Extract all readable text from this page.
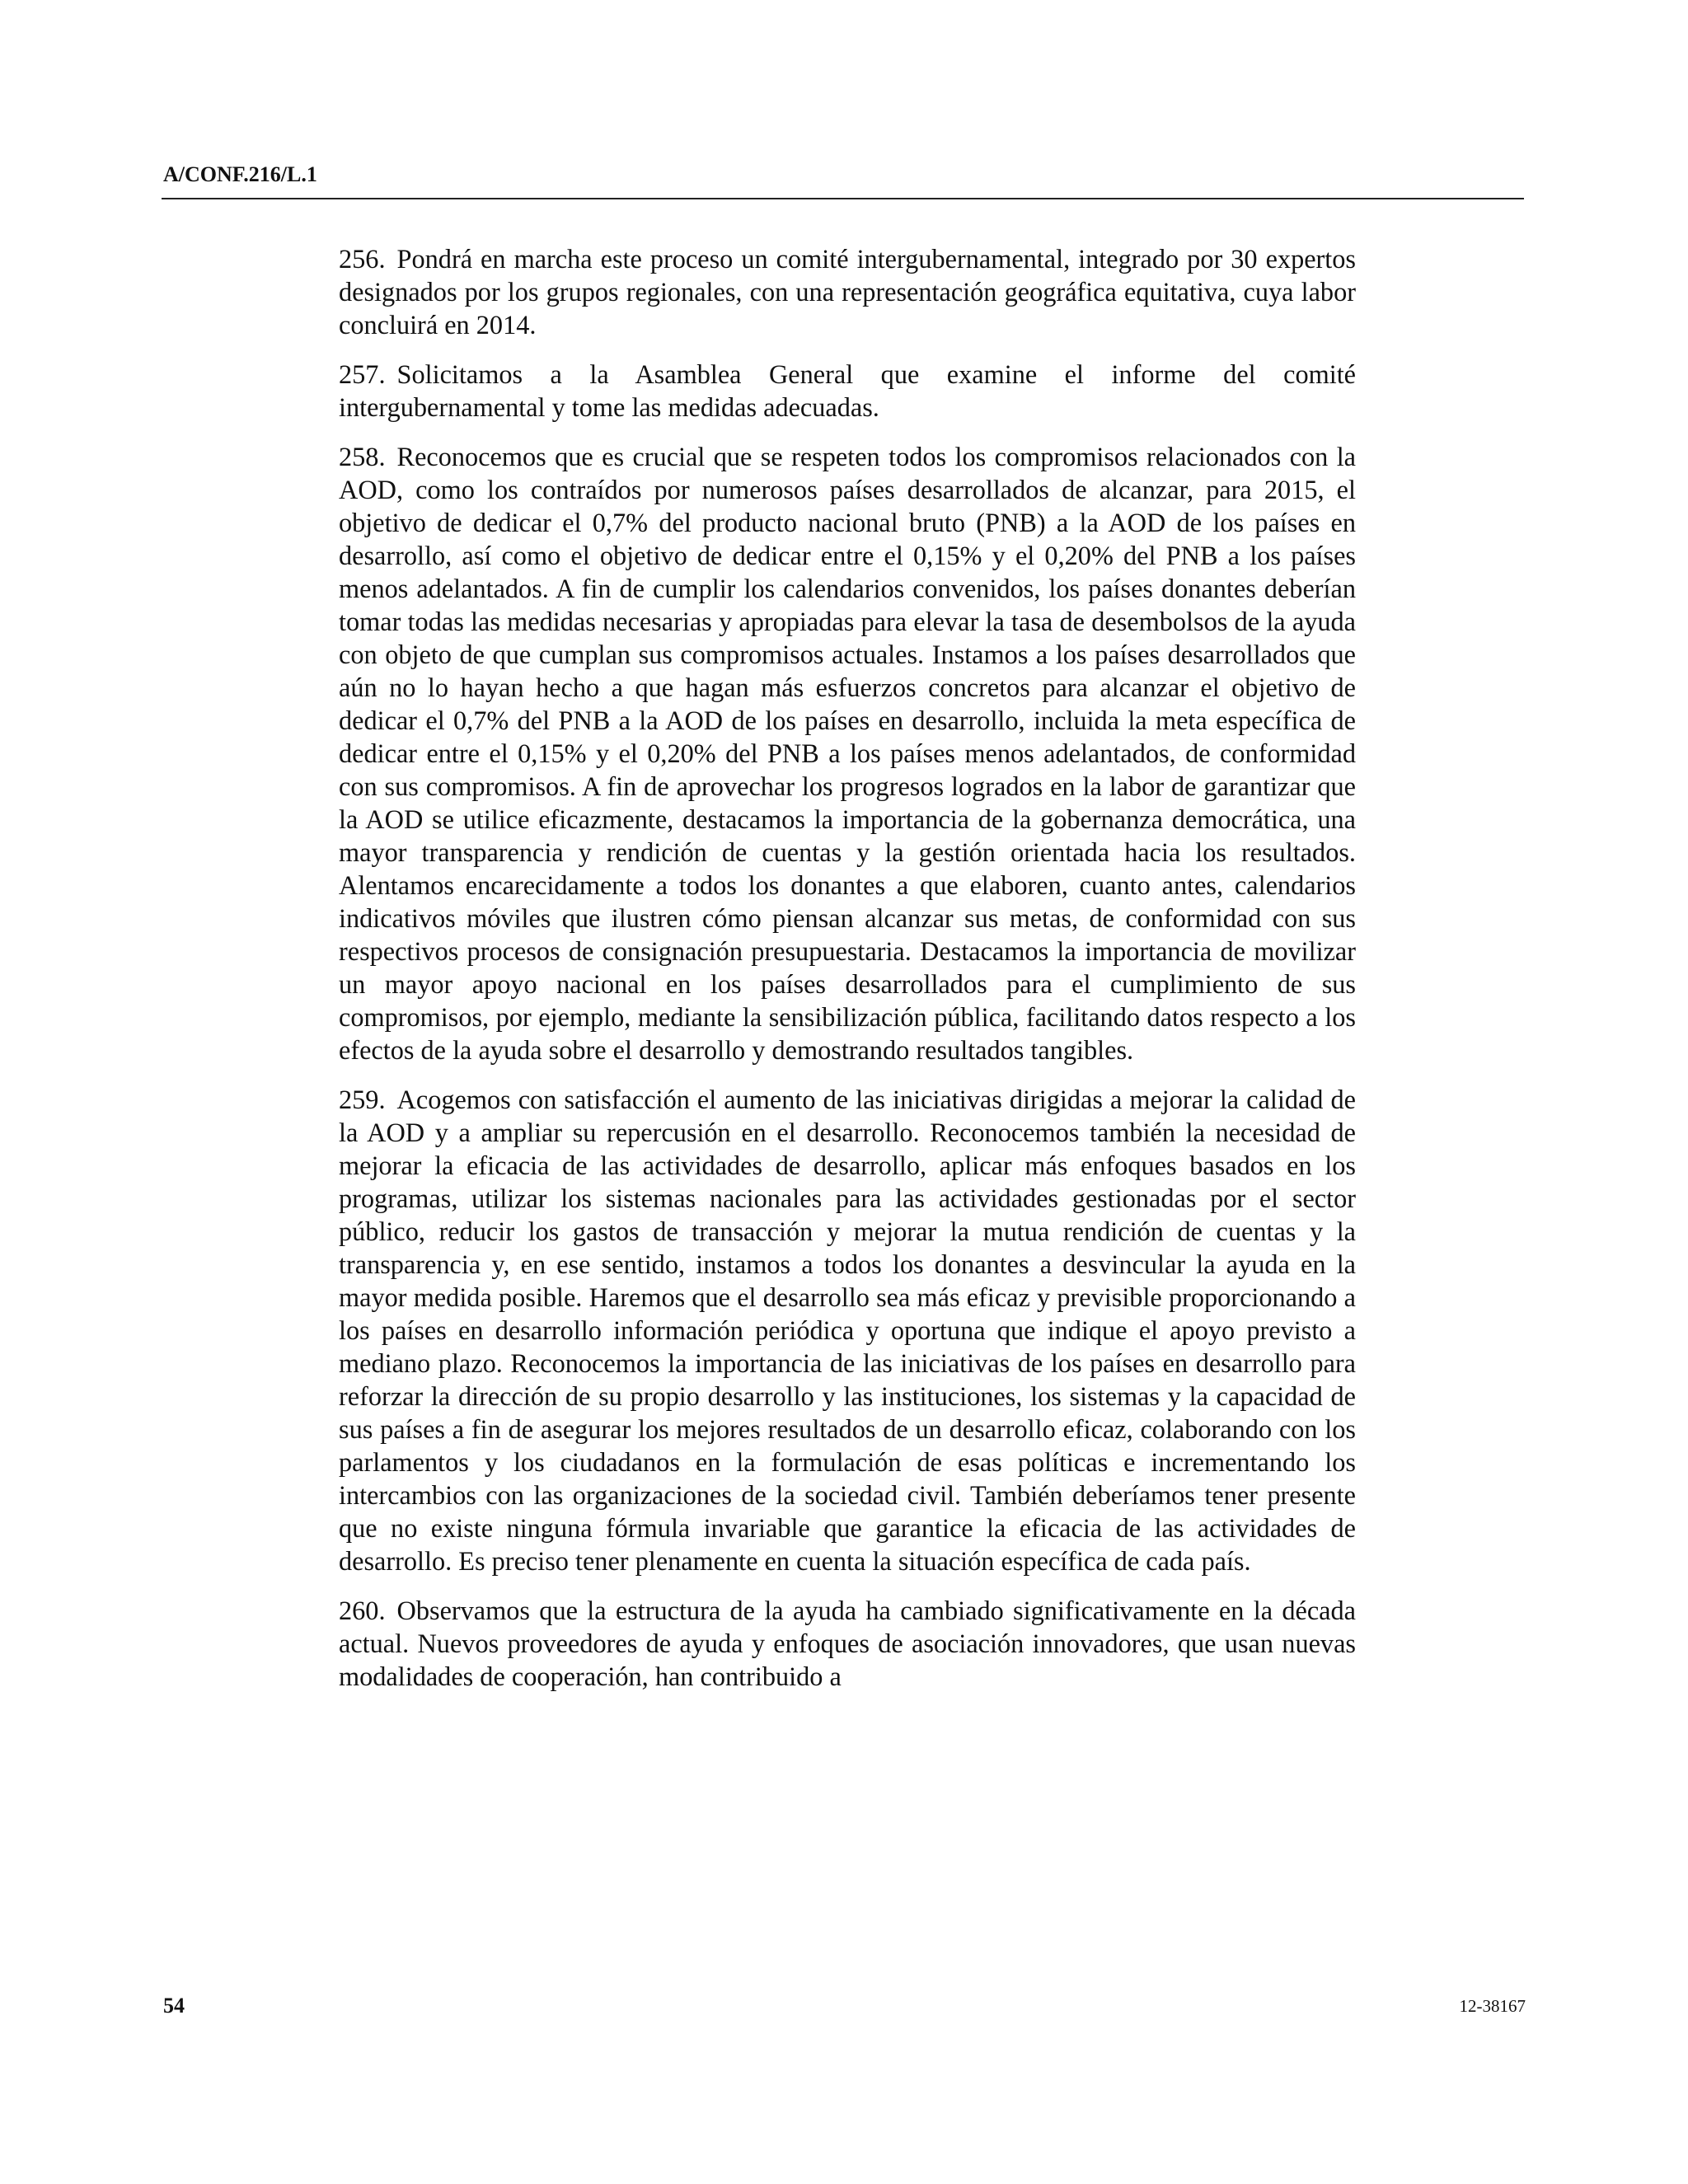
A/CONF.216/L.1

256. Pondrá en marcha este proceso un comité intergubernamental, integrado por 30 expertos designados por los grupos regionales, con una representación geográfica equitativa, cuya labor concluirá en 2014.

257. Solicitamos a la Asamblea General que examine el informe del comité intergubernamental y tome las medidas adecuadas.

258. Reconocemos que es crucial que se respeten todos los compromisos relacionados con la AOD, como los contraídos por numerosos países desarrollados de alcanzar, para 2015, el objetivo de dedicar el 0,7% del producto nacional bruto (PNB) a la AOD de los países en desarrollo, así como el objetivo de dedicar entre el 0,15% y el 0,20% del PNB a los países menos adelantados. A fin de cumplir los calendarios convenidos, los países donantes deberían tomar todas las medidas necesarias y apropiadas para elevar la tasa de desembolsos de la ayuda con objeto de que cumplan sus compromisos actuales. Instamos a los países desarrollados que aún no lo hayan hecho a que hagan más esfuerzos concretos para alcanzar el objetivo de dedicar el 0,7% del PNB a la AOD de los países en desarrollo, incluida la meta específica de dedicar entre el 0,15% y el 0,20% del PNB a los países menos adelantados, de conformidad con sus compromisos. A fin de aprovechar los progresos logrados en la labor de garantizar que la AOD se utilice eficazmente, destacamos la importancia de la gobernanza democrática, una mayor transparencia y rendición de cuentas y la gestión orientada hacia los resultados. Alentamos encarecidamente a todos los donantes a que elaboren, cuanto antes, calendarios indicativos móviles que ilustren cómo piensan alcanzar sus metas, de conformidad con sus respectivos procesos de consignación presupuestaria. Destacamos la importancia de movilizar un mayor apoyo nacional en los países desarrollados para el cumplimiento de sus compromisos, por ejemplo, mediante la sensibilización pública, facilitando datos respecto a los efectos de la ayuda sobre el desarrollo y demostrando resultados tangibles.

259. Acogemos con satisfacción el aumento de las iniciativas dirigidas a mejorar la calidad de la AOD y a ampliar su repercusión en el desarrollo. Reconocemos también la necesidad de mejorar la eficacia de las actividades de desarrollo, aplicar más enfoques basados en los programas, utilizar los sistemas nacionales para las actividades gestionadas por el sector público, reducir los gastos de transacción y mejorar la mutua rendición de cuentas y la transparencia y, en ese sentido, instamos a todos los donantes a desvincular la ayuda en la mayor medida posible. Haremos que el desarrollo sea más eficaz y previsible proporcionando a los países en desarrollo información periódica y oportuna que indique el apoyo previsto a mediano plazo. Reconocemos la importancia de las iniciativas de los países en desarrollo para reforzar la dirección de su propio desarrollo y las instituciones, los sistemas y la capacidad de sus países a fin de asegurar los mejores resultados de un desarrollo eficaz, colaborando con los parlamentos y los ciudadanos en la formulación de esas políticas e incrementando los intercambios con las organizaciones de la sociedad civil. También deberíamos tener presente que no existe ninguna fórmula invariable que garantice la eficacia de las actividades de desarrollo. Es preciso tener plenamente en cuenta la situación específica de cada país.

260. Observamos que la estructura de la ayuda ha cambiado significativamente en la década actual. Nuevos proveedores de ayuda y enfoques de asociación innovadores, que usan nuevas modalidades de cooperación, han contribuido a

54	12-38167
